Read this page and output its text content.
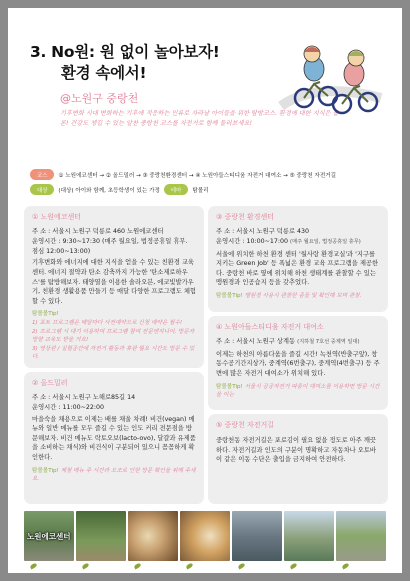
3. No원: 원 없이 놀아보자!
환경 속에서!
@노원구 중랑천
기후변화 시대 변화하는 기후에 적응하는 인류로 자라날 아이들을 위한 탐방코스. 환경에 대한 지식은 물론! 건강도 챙길 수 있는 알찬 중랑천 코스를 자전거로 함께 둘러보세요!
코스	① 노원에코센터 → ② 올드밀러 → ③ 중랑천환경센터 → ④ 노원아들스티디움 자전거 대여소 → ⑤ 중랑천 자전거길
대상	(대상) 아이와 함께, 초등학생이 있는 가정	테마	탐볼리
① 노원에코센터
주 소 : 서울시 노원구 덕릉로 460 노원에코센터
운영시간 : 9:30~17:30 (매주 월요일, 법정공휴일 휴무.
점심 12:00~13:00)
기후변화와 에너지에 대한 지식을 얻을 수 있는 친환경 교육센터. 에너지 절약과 탄소 감축까지 가능한 '탄소제로하우스'를 탐방해보자. 태양열을 이용한 솔라오븐, 에코빛발가우기, 친환경 생활용품 만들기 등 매달 다양한 프로그램도 체험할 수 있다.
탐볼볼Tip!
1) 포토 프로그램은 매달마다 사전예약으로 신청 예약은 필수!
2) 프로그램 시 대기 이용하여 프로그램 참여 전문엔지니어, 방문자 방향 교육도 받을 거요!
3) 영상관 / 실험공간에 자전거 활동과 휴관 월요 시간도 방문 수 있다.
② 올드밀러
주 소 : 서울시 노원구 노해로85길 14
운영시간 : 11:00~22:00
마을숙을 채용으로 이제는 배를 채울 차례! 비건(vegan) 메뉴와 일반 메뉴를 모두 즐길 수 있는 인도 커리 전문점을 방문해보자. 비건 메뉴도 락토오보(lacto-ovo), 달걀과 유제품을 소비하는 채식)와 비건식이 구분되어 있으니 꼼꼼하게 확인한다.
탐볼볼Tip! 제철 메뉴 주 시간과 오조로 인한 방문 확인을 위해 주세요.
③ 중랑천 환경센터
주 소 : 서울시 노원구 덕릉로 430
운영시간 : 10:00~17:00 (매주 월요일, 법정공휴일 휴무)
서울에 위치한 하천 환경 센터 '월사랑 환경교실'과 '지구를 지키는 Green Job' 등 폭넓은 환경 교육 프로그램을 제공한다. 중랑천 바로 옆에 위치해 하천 생태계를 관찰할 수 있는 맹원경과 인공습지 등을 갖추었다.
탐볼볼Tip! 맹원경 사용시 관찰한 종들 및 확인해 보며 관찰.
④ 노원아들스티디움 자전거 대여소
주 소 : 서울시 노원구 상계동 (지하철 7호선 중계역 일대)
이제는 하천의 아름다움을 즐길 시간! 녹천역(반출구앞), 창동수공기간지상가, 중계역(6번출구), 중계역(4번출구) 등 주변에 많은 자전거 대여소가 위치해 있다.
탐볼볼Tip! 서울시 공공자전거 따릉이 대여소를 이용하면 방문 시간을 이는
⑤ 중랑천 자전거길
중랑천동 자전거길은 포로김이 필요 없을 정도로 아주 깨끗하다. 자전거길과 인도의 구분이 명확하고 자동차나 오토바이 같은 이동 수단은 출입을 금지하여 안전하다.
노원에코센터
